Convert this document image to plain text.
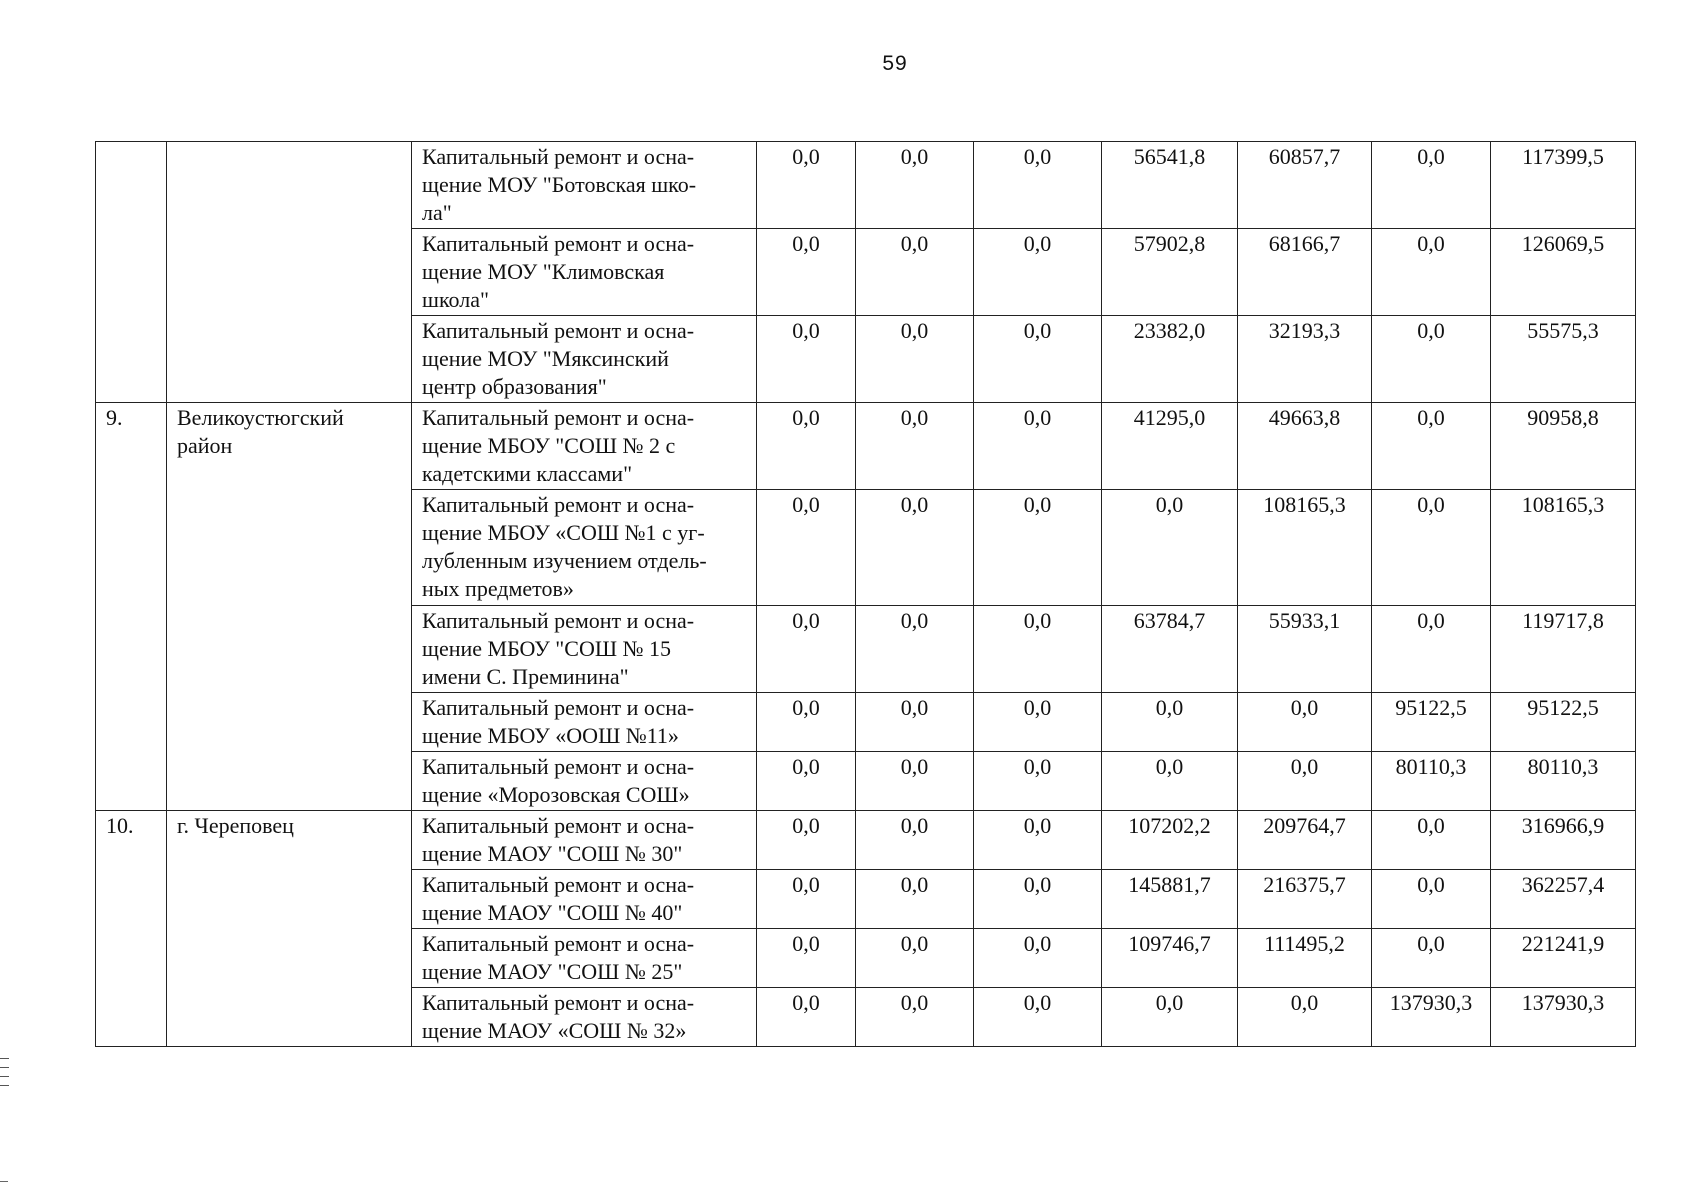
59
		Капитальный ремонт и осна-
щение МОУ "Ботовская шко-
ла"	0,0	0,0	0,0	56541,8	60857,7	0,0	117399,5
		Капитальный ремонт и осна-
щение МОУ "Климовская
школа"	0,0	0,0	0,0	57902,8	68166,7	0,0	126069,5
		Капитальный ремонт и осна-
щение МОУ "Мяксинский
центр образования"	0,0	0,0	0,0	23382,0	32193,3	0,0	55575,3
9.	Великоустюгский
район	Капитальный ремонт и осна-
щение МБОУ "СОШ № 2 с
кадетскими классами"	0,0	0,0	0,0	41295,0	49663,8	0,0	90958,8
		Капитальный ремонт и осна-
щение МБОУ «СОШ №1 с уг-
лубленным изучением отдель-
ных предметов»	0,0	0,0	0,0	0,0	108165,3	0,0	108165,3
		Капитальный ремонт и осна-
щение МБОУ "СОШ № 15
имени С. Преминина"	0,0	0,0	0,0	63784,7	55933,1	0,0	119717,8
		Капитальный ремонт и осна-
щение МБОУ «ООШ №11»	0,0	0,0	0,0	0,0	0,0	95122,5	95122,5
		Капитальный ремонт и осна-
щение «Морозовская СОШ»	0,0	0,0	0,0	0,0	0,0	80110,3	80110,3
10.	г. Череповец	Капитальный ремонт и осна-
щение МАОУ "СОШ № 30"	0,0	0,0	0,0	107202,2	209764,7	0,0	316966,9
		Капитальный ремонт и осна-
щение МАОУ "СОШ № 40"	0,0	0,0	0,0	145881,7	216375,7	0,0	362257,4
		Капитальный ремонт и осна-
щение МАОУ "СОШ № 25"	0,0	0,0	0,0	109746,7	111495,2	0,0	221241,9
		Капитальный ремонт и осна-
щение МАОУ «СОШ № 32»	0,0	0,0	0,0	0,0	0,0	137930,3	137930,3
